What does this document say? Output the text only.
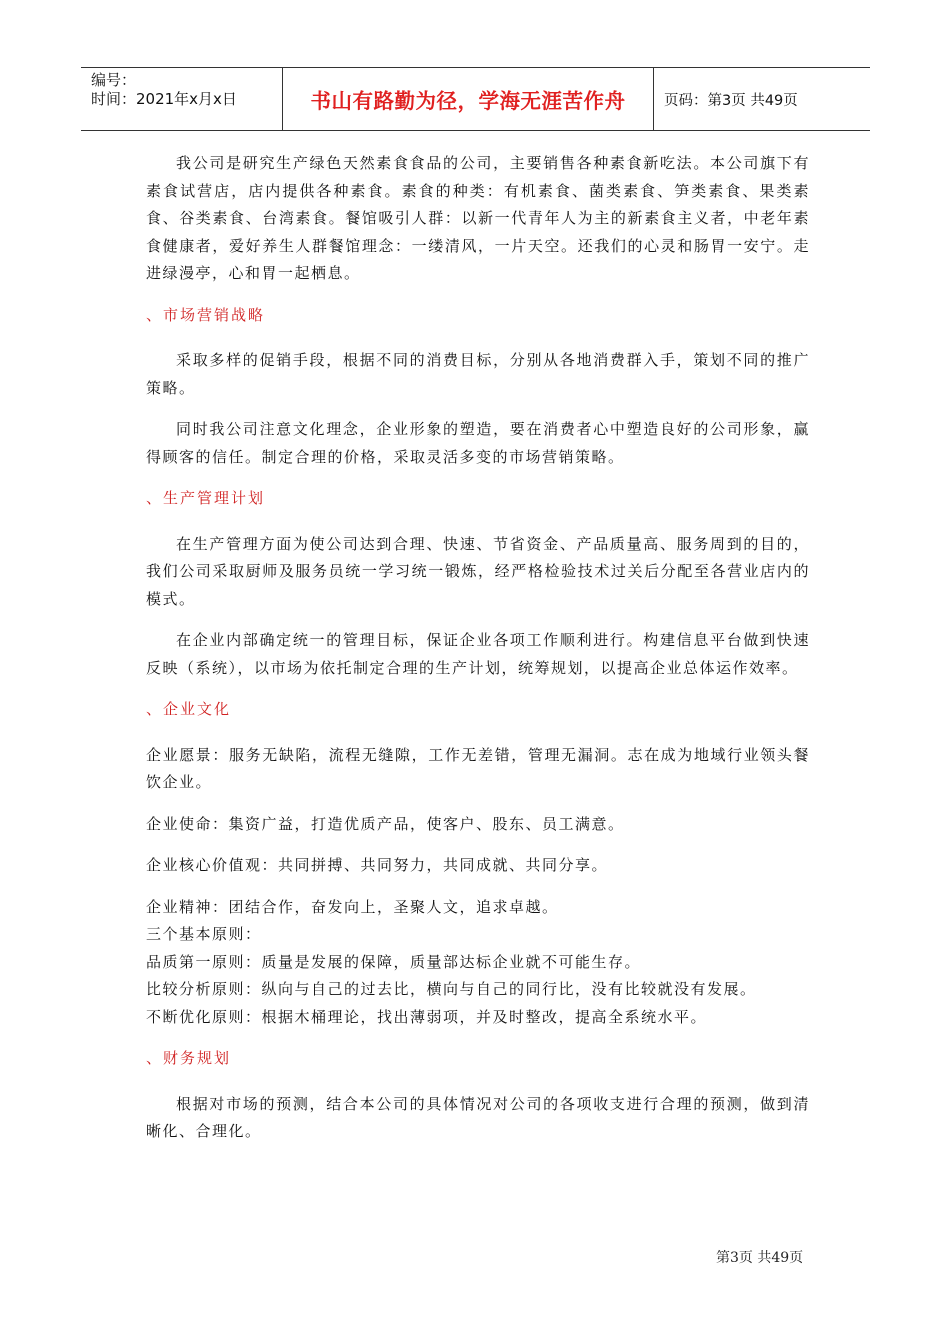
编号：
时间：2021年x月x日	书山有路勤为径，学海无涯苦作舟	页码：第3页 共49页

我公司是研究生产绿色天然素食食品的公司，主要销售各种素食新吃法。本公司旗下有素食试营店，店内提供各种素食。素食的种类：有机素食、菌类素食、笋类素食、果类素食、谷类素食、台湾素食。餐馆吸引人群：以新一代青年人为主的新素食主义者，中老年素食健康者，爱好养生人群餐馆理念：一缕清风，一片天空。还我们的心灵和肠胃一安宁。走进绿漫亭，心和胃一起栖息。

、市场营销战略

采取多样的促销手段，根据不同的消费目标，分别从各地消费群入手，策划不同的推广策略。

同时我公司注意文化理念，企业形象的塑造，要在消费者心中塑造良好的公司形象，赢得顾客的信任。制定合理的价格，采取灵活多变的市场营销策略。

、生产管理计划

在生产管理方面为使公司达到合理、快速、节省资金、产品质量高、服务周到的目的，我们公司采取厨师及服务员统一学习统一锻炼，经严格检验技术过关后分配至各营业店内的模式。

在企业内部确定统一的管理目标，保证企业各项工作顺利进行。构建信息平台做到快速反映（系统），以市场为依托制定合理的生产计划，统筹规划，以提高企业总体运作效率。

、企业文化

企业愿景：服务无缺陷，流程无缝隙，工作无差错，管理无漏洞。志在成为地域行业领头餐饮企业。

企业使命：集资广益，打造优质产品，使客户、股东、员工满意。

企业核心价值观：共同拼搏、共同努力，共同成就、共同分享。

企业精神：团结合作，奋发向上，圣聚人文，追求卓越。

三个基本原则：

品质第一原则：质量是发展的保障，质量部达标企业就不可能生存。

比较分析原则：纵向与自己的过去比，横向与自己的同行比，没有比较就没有发展。

不断优化原则：根据木桶理论，找出薄弱项，并及时整改，提高全系统水平。

、财务规划

根据对市场的预测，结合本公司的具体情况对公司的各项收支进行合理的预测，做到清晰化、合理化。

第3页 共49页
